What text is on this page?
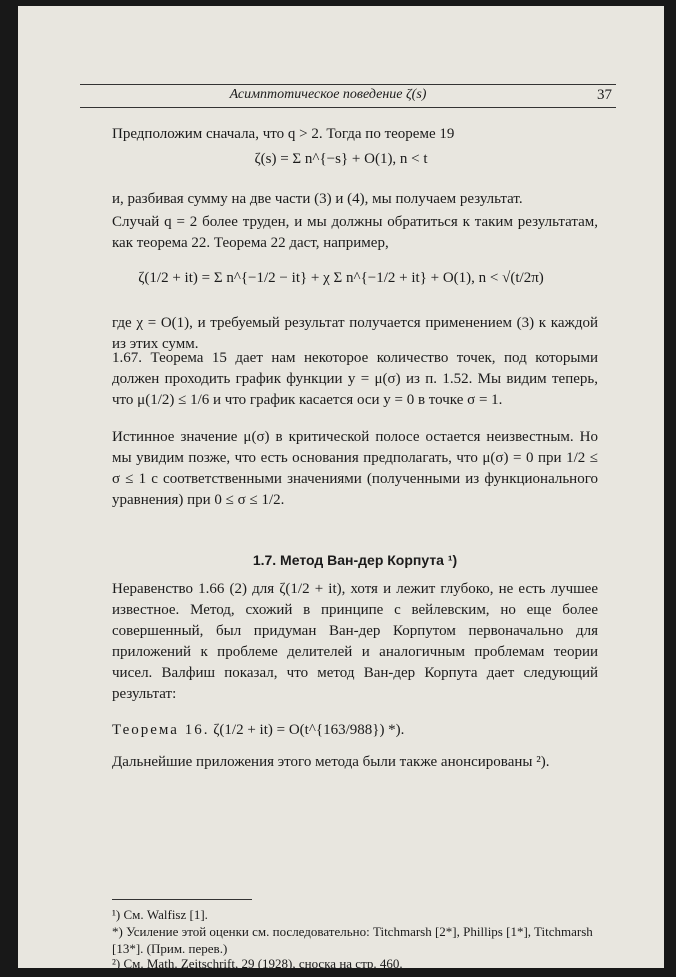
Асимптотическое поведение ζ(s)	37
Предположим сначала, что q > 2. Тогда по теореме 19
ζ(s) = Σ n^{−s} + O(1), n < t
и, разбивая сумму на две части (3) и (4), мы получаем результат.
Случай q = 2 более труден, и мы должны обратиться к таким результатам, как теорема 22. Теорема 22 даст, например,
ζ(1/2 + it) = Σ n^{−1/2 − it} + χ Σ n^{−1/2 + it} + O(1), n < √(t/2π)
где χ = O(1), и требуемый результат получается применением (3) к каждой из этих сумм.
1.67. Теорема 15 дает нам некоторое количество точек, под которыми должен проходить график функции y = μ(σ) из п. 1.52. Мы видим теперь, что μ(1/2) ≤ 1/6 и что график касается оси y = 0 в точке σ = 1.
Истинное значение μ(σ) в критической полосе остается неизвестным. Но мы увидим позже, что есть основания предполагать, что μ(σ) = 0 при 1/2 ≤ σ ≤ 1 с соответственными значениями (полученными из функционального уравнения) при 0 ≤ σ ≤ 1/2.
1.7. Метод Ван-дер Корпута ¹)
Неравенство 1.66 (2) для ζ(1/2 + it), хотя и лежит глубоко, не есть лучшее известное. Метод, схожий в принципе с вейлевским, но еще более совершенный, был придуман Ван-дер Корпутом первоначально для приложений к проблеме делителей и аналогичным проблемам теории чисел. Валфиш показал, что метод Ван-дер Корпута дает следующий результат:
Теорема 16. ζ(1/2 + it) = O(t^{163/988}) *).
Дальнейшие приложения этого метода были также анонсированы ²).
¹) См. Walfisz [1].
*) Усиление этой оценки см. последовательно: Titchmarsh [2*], Phillips [1*], Titchmarsh [13*]. (Прим. перев.)
²) См. Math. Zeitschrift, 29 (1928), сноска на стр. 460.
